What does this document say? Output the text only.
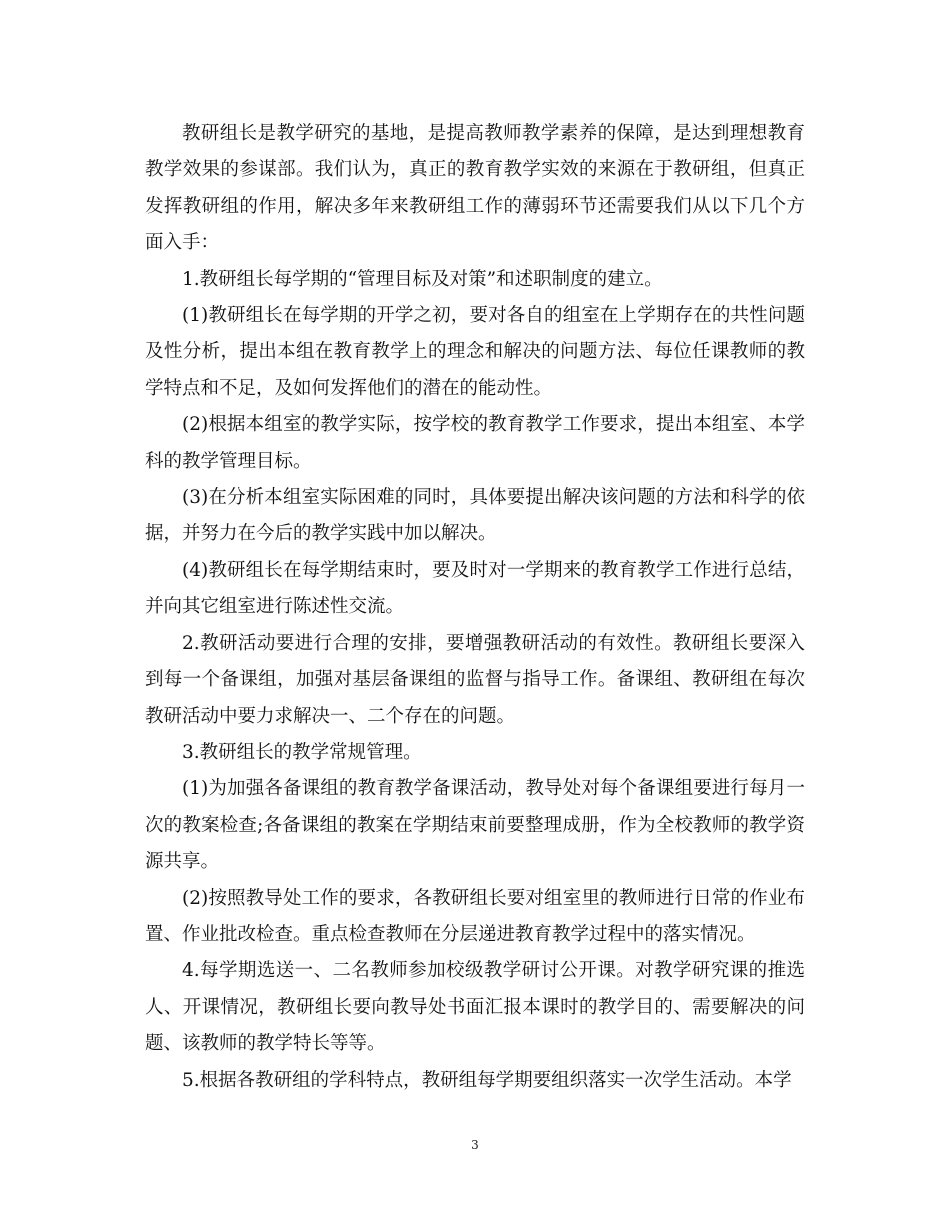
教研组长是教学研究的基地，是提高教师教学素养的保障，是达到理想教育教学效果的参谋部。我们认为，真正的教育教学实效的来源在于教研组，但真正发挥教研组的作用，解决多年来教研组工作的薄弱环节还需要我们从以下几个方面入手：

1.教研组长每学期的“管理目标及对策”和述职制度的建立。

(1)教研组长在每学期的开学之初，要对各自的组室在上学期存在的共性问题及性分析，提出本组在教育教学上的理念和解决的问题方法、每位任课教师的教学特点和不足，及如何发挥他们的潜在的能动性。

(2)根据本组室的教学实际，按学校的教育教学工作要求，提出本组室、本学科的教学管理目标。

(3)在分析本组室实际困难的同时，具体要提出解决该问题的方法和科学的依据，并努力在今后的教学实践中加以解决。

(4)教研组长在每学期结束时，要及时对一学期来的教育教学工作进行总结，并向其它组室进行陈述性交流。

2.教研活动要进行合理的安排，要增强教研活动的有效性。教研组长要深入到每一个备课组，加强对基层备课组的监督与指导工作。备课组、教研组在每次教研活动中要力求解决一、二个存在的问题。

3.教研组长的教学常规管理。

(1)为加强各备课组的教育教学备课活动，教导处对每个备课组要进行每月一次的教案检查;各备课组的教案在学期结束前要整理成册，作为全校教师的教学资源共享。

(2)按照教导处工作的要求，各教研组长要对组室里的教师进行日常的作业布置、作业批改检查。重点检查教师在分层递进教育教学过程中的落实情况。

4.每学期选送一、二名教师参加校级教学研讨公开课。对教学研究课的推选人、开课情况，教研组长要向教导处书面汇报本课时的教学目的、需要解决的问题、该教师的教学特长等等。

5.根据各教研组的学科特点，教研组每学期要组织落实一次学生活动。本学

3
